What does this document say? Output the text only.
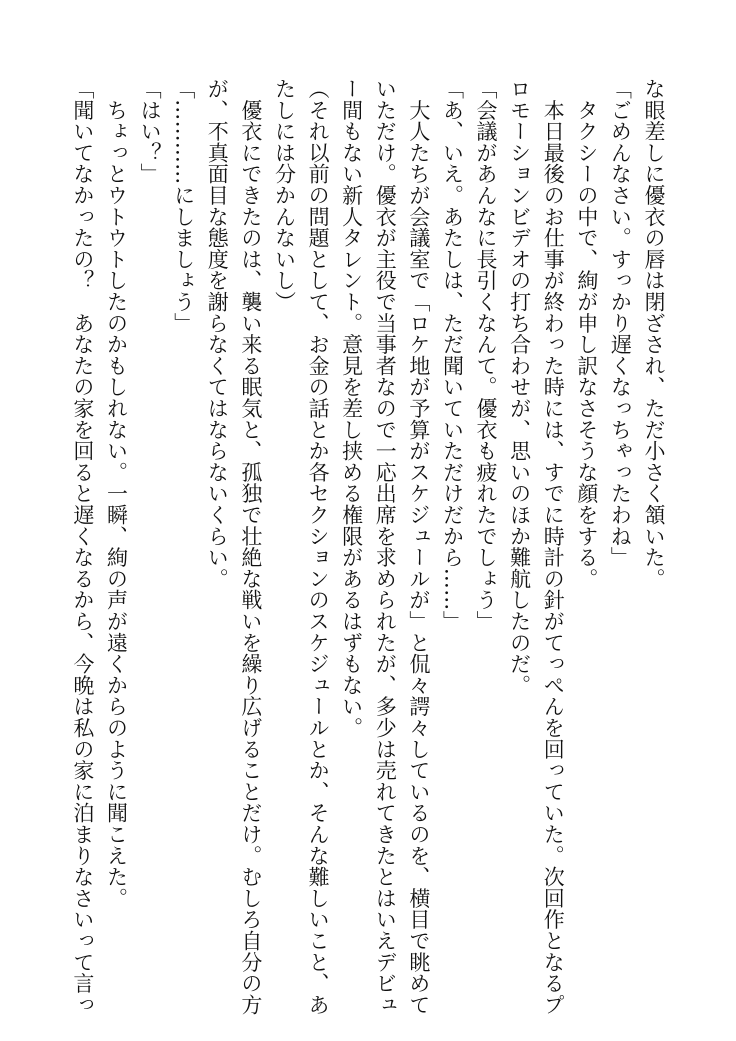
な眼差しに優衣の唇は閉ざされ、ただ小さく頷いた。
「ごめんなさい。すっかり遅くなっちゃったわね」
　タクシーの中で、絢が申し訳なさそうな顔をする。
　本日最後のお仕事が終わった時には、すでに時計の針がてっぺんを回っていた。次回作となるプ
ロモーションビデオの打ち合わせが、思いのほか難航したのだ。
「会議があんなに長引くなんて。優衣も疲れたでしょう」
「あ、いえ。あたしは、ただ聞いていただけだから……」
　大人たちが会議室で「ロケ地が予算がスケジュールが」と侃々諤々しているのを、横目で眺めて
いただけ。優衣が主役で当事者なので一応出席を求められたが、多少は売れてきたとはいえデビュ
ー間もない新人タレント。意見を差し挟める権限があるはずもない。
（それ以前の問題として、お金の話とか各セクションのスケジュールとか、そんな難しいこと、あ
たしには分かんないし）
　優衣にできたのは、襲い来る眠気と、孤独で壮絶な戦いを繰り広げることだけ。むしろ自分の方
が、不真面目な態度を謝らなくてはならないくらい。
「…………にしましょう」
「はい？」
　ちょっとウトウトしたのかもしれない。一瞬、絢の声が遠くからのように聞こえた。
「聞いてなかったの？　あなたの家を回ると遅くなるから、今晩は私の家に泊まりなさいって言っ
